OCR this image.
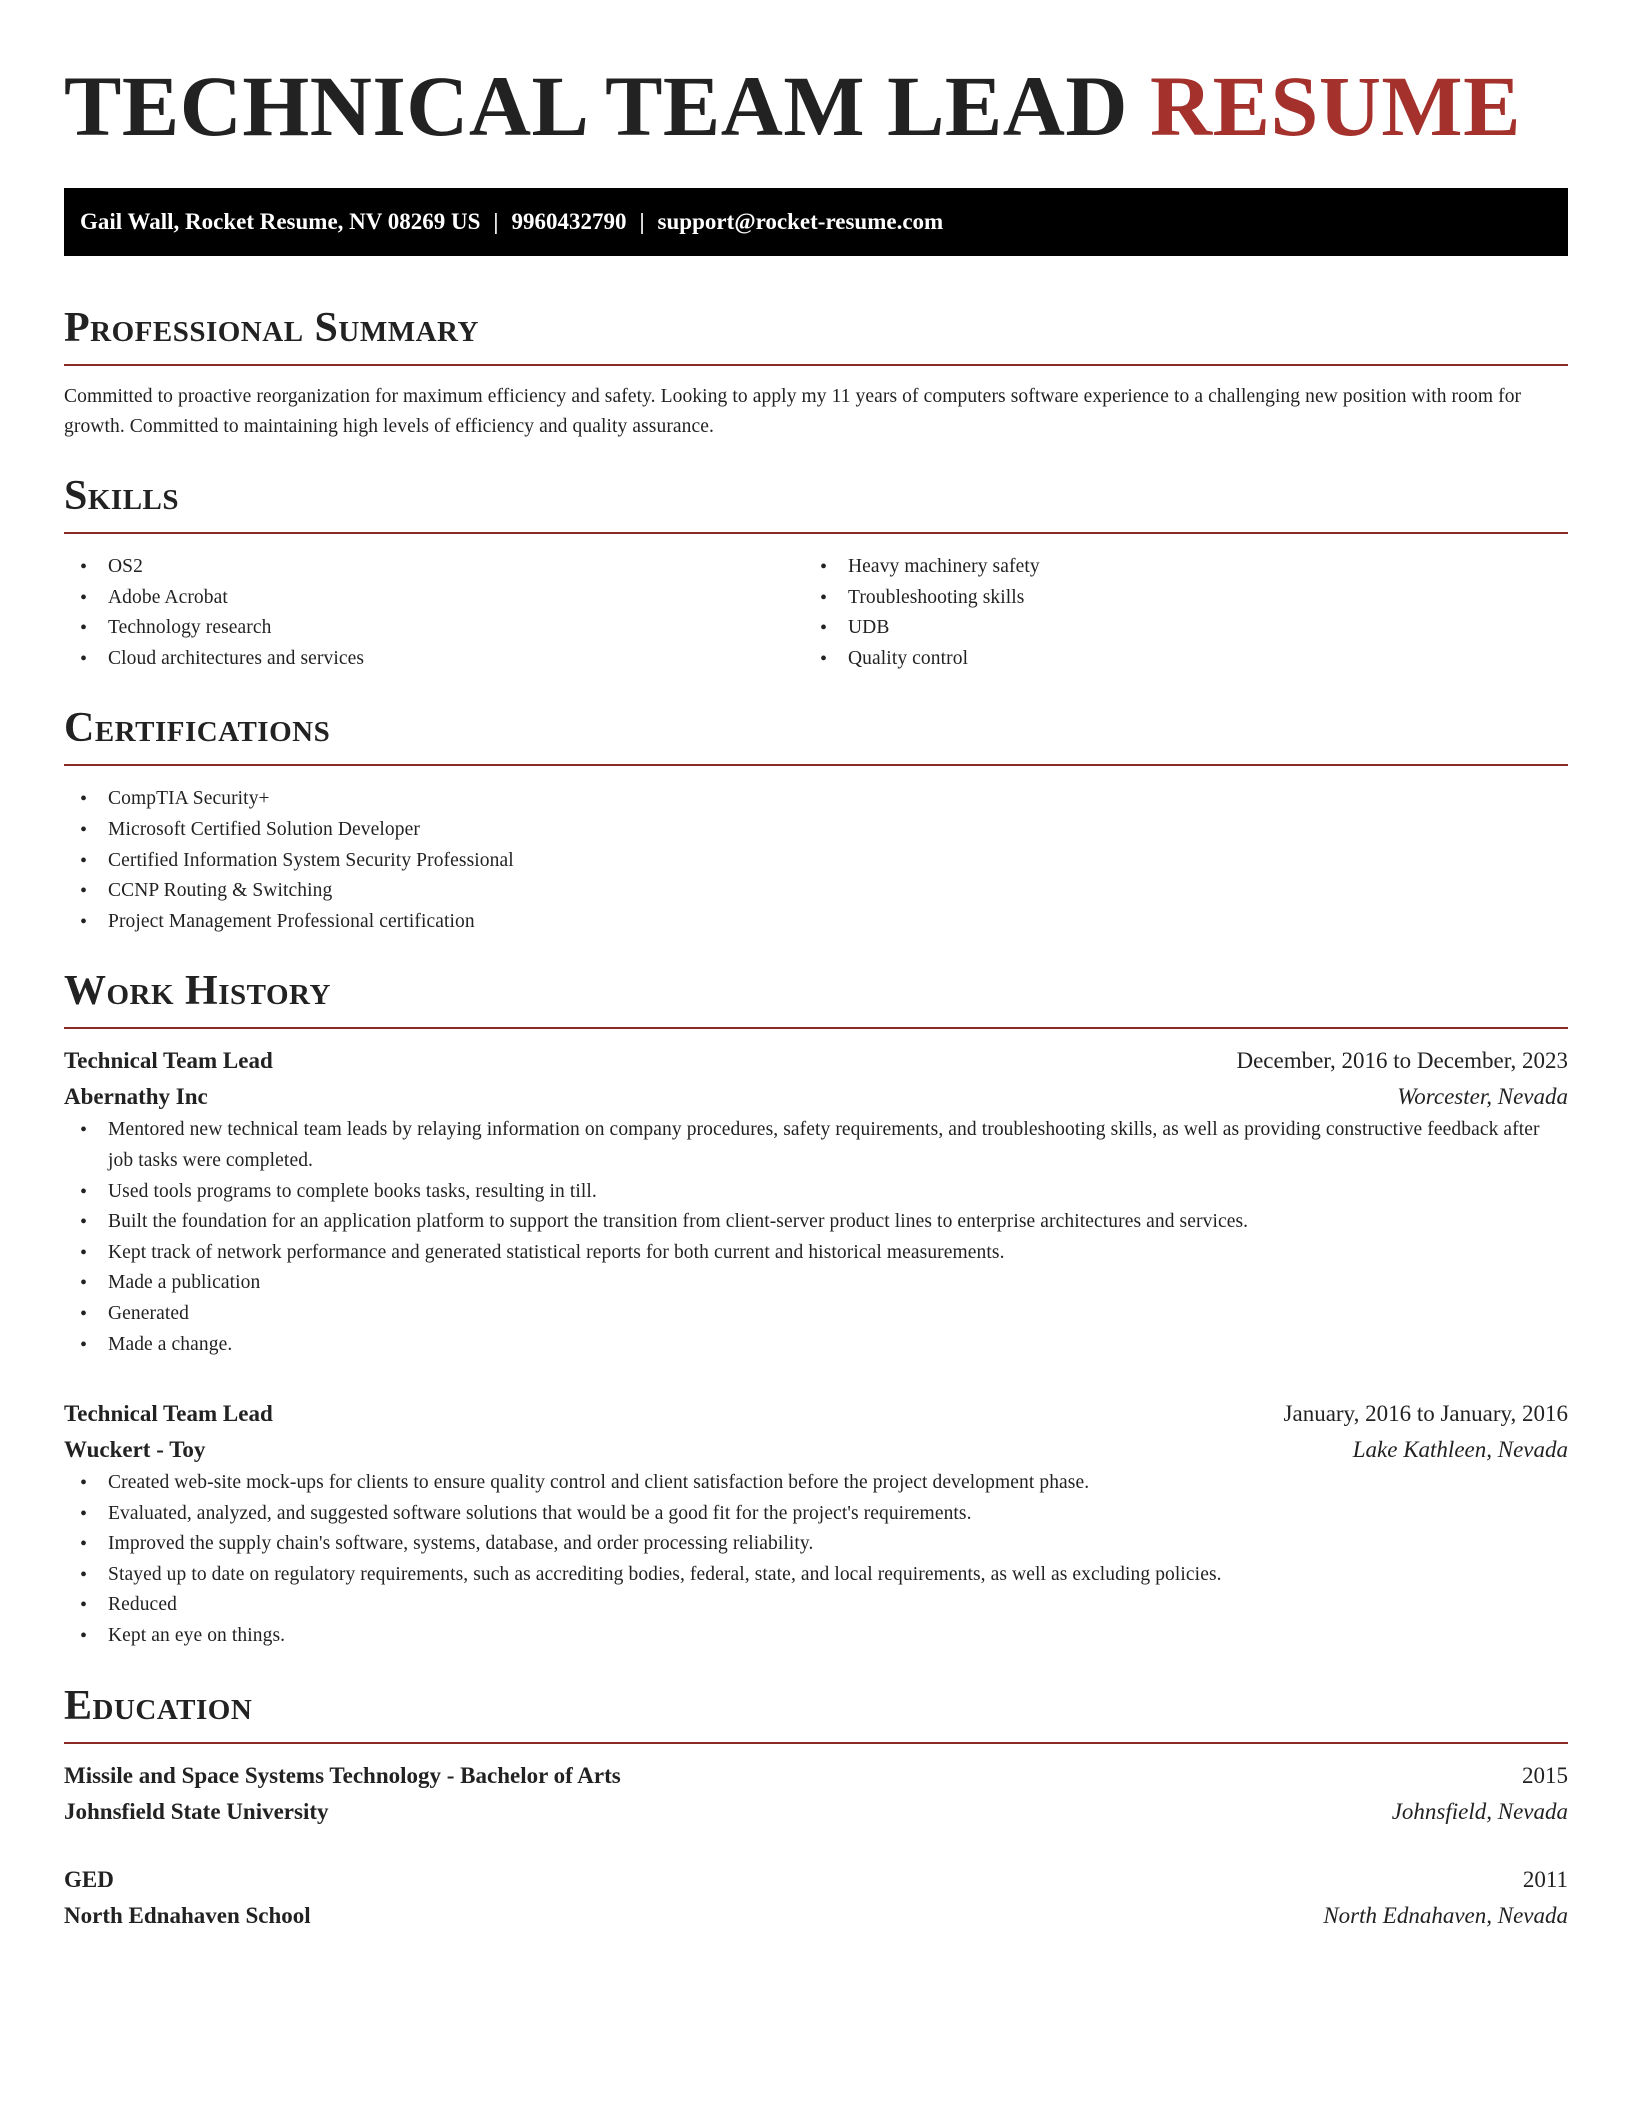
TECHNICAL TEAM LEAD RESUME
Gail Wall, Rocket Resume, NV 08269 US | 9960432790 | support@rocket-resume.com
Professional Summary

Committed to proactive reorganization for maximum efficiency and safety. Looking to apply my 11 years of computers software experience to a challenging new position with room for growth. Committed to maintaining high levels of efficiency and quality assurance.

Skills
• OS2
• Adobe Acrobat
• Technology research
• Cloud architectures and services
• Heavy machinery safety
• Troubleshooting skills
• UDB
• Quality control
Certifications
• CompTIA Security+
• Microsoft Certified Solution Developer
• Certified Information System Security Professional
• CCNP Routing & Switching
• Project Management Professional certification
Work History
Technical Team Lead	December, 2016 to December, 2023
Abernathy Inc	Worcester, Nevada
• Mentored new technical team leads by relaying information on company procedures, safety requirements, and troubleshooting skills, as well as providing constructive feedback after job tasks were completed.
• Used tools programs to complete books tasks, resulting in till.
• Built the foundation for an application platform to support the transition from client-server product lines to enterprise architectures and services.
• Kept track of network performance and generated statistical reports for both current and historical measurements.
• Made a publication
• Generated
• Made a change.
Technical Team Lead	January, 2016 to January, 2016
Wuckert - Toy	Lake Kathleen, Nevada
• Created web-site mock-ups for clients to ensure quality control and client satisfaction before the project development phase.
• Evaluated, analyzed, and suggested software solutions that would be a good fit for the project's requirements.
• Improved the supply chain's software, systems, database, and order processing reliability.
• Stayed up to date on regulatory requirements, such as accrediting bodies, federal, state, and local requirements, as well as excluding policies.
• Reduced
• Kept an eye on things.
Education
Missile and Space Systems Technology - Bachelor of Arts	2015
Johnsfield State University	Johnsfield, Nevada
GED	2011
North Ednahaven School	North Ednahaven, Nevada
